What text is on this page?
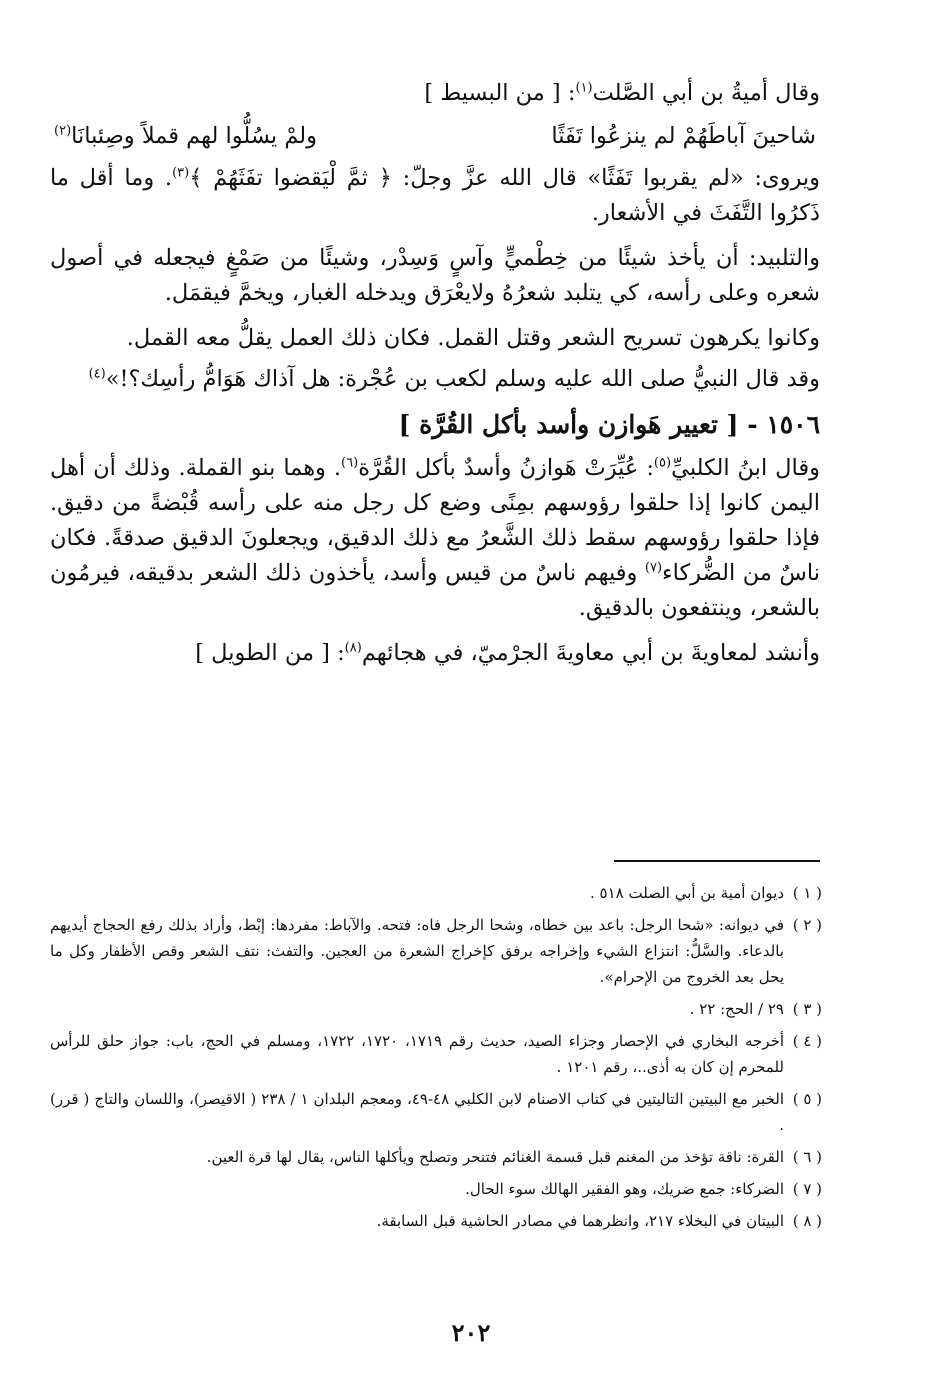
وقال أميةُ بن أبي الصَّلت$^{(١)}$: [ من البسيط ]

شاحينَ آباطَهُمْ لم ينزعُوا تَفَثًا
ولمْ يسُلُّوا لهم قملاً وصِئبانَا$^{(٢)}$

ويروى: «لم يقربوا تَفَثًا» قال الله عزَّ وجلّ: ﴿ ثمَّ لْيَقضوا تفَثَهُمْ ﴾$^{(٣)}$. وما أقل ما ذَكرُوا التَّفَثَ في الأشعار.

والتلبيد: أن يأخذ شيئًا من خِطْميٍّ وآسٍ وَسِدْر، وشيئًا من صَمْغٍ فيجعله في أصول شعره وعلى رأسه، كي يتلبد شعرُهُ ولايعْرَق ويدخله الغبار، ويخمَّ فيقمَل.

وكانوا يكرهون تسريح الشعر وقتل القمل. فكان ذلك العمل يقلُّ معه القمل.

وقد قال النبيُّ صلى الله عليه وسلم لكعب بن عُجْرة: هل آذاك هَوَامُّ رأسِك؟!»$^{(٤)}$

١٥٠٦ - [ تعيير هَوازن وأسد بأكل القُرَّة ]

وقال ابنُ الكلبيِّ$^{(٥)}$: عُيِّرَتْ هَوازنُ وأسدٌ بأكل القُرَّة$^{(٦)}$. وهما بنو القملة. وذلك أن أهل اليمن كانوا إذا حلقوا رؤوسهم بمِنًى وضع كل رجل منه على رأسه قُبْضةً من دقيق. فإذا حلقوا رؤوسهم سقط ذلك الشَّعرُ مع ذلك الدقيق، ويجعلونَ الدقيق صدقةً. فكان ناسٌ من الضُّركاء$^{(٧)}$ وفيهم ناسٌ من قيس وأسد، يأخذون ذلك الشعر بدقيقه، فيرمُون بالشعر، وينتفعون بالدقيق.

وأنشد لمعاويةَ بن أبي معاويةَ الجرْميّ، في هجائهم$^{(٨)}$: [ من الطويل ]

( ١ )
ديوان أمية بن أبي الصلت ٥١٨ .
( ٢ )
في ديوانه: «شحا الرجل: باعد بين خطاه، وشحا الرجل فاه: فتحه. والآباط: مفردها: إبْط، وأراد بذلك رفع الحجاج أيديهم بالدعاء. والسَّلُّ: انتزاع الشيء وإخراجه برفق كإخراج الشعرة من العجين. والتفث: نتف الشعر وقص الأظفار وكل ما يحل بعد الخروج من الإحرام».
( ٣ )
٢٩ / الحج: ٢٢ .
( ٤ )
أخرجه البخاري في الإحصار وجزاء الصيد، حديث رقم ١٧١٩، ١٧٢٠، ١٧٢٢، ومسلم في الحج، باب: جواز حلق للرأس للمحرم إن كان به أذى..، رقم ١٢٠١ .
( ٥ )
الخبر مع البيتين التاليتين في كتاب الاصنام لابن الكلبي ٤٨-٤٩، ومعجم البلدان ١ / ٢٣٨ ( الاقيصر)، واللسان والتاج ( قرر) .
( ٦ )
القرة: ناقة تؤخذ من المغنم قبل قسمة الغنائم فتنحر وتصلح ويأكلها الناس، يقال لها قرة العين.
( ٧ )
الضركاء: جمع ضريك، وهو الفقير الهالك سوء الحال.
( ٨ )
البيتان في البخلاء ٢١٧، وانظرهما في مصادر الحاشية قبل السابقة.
٢٠٢
